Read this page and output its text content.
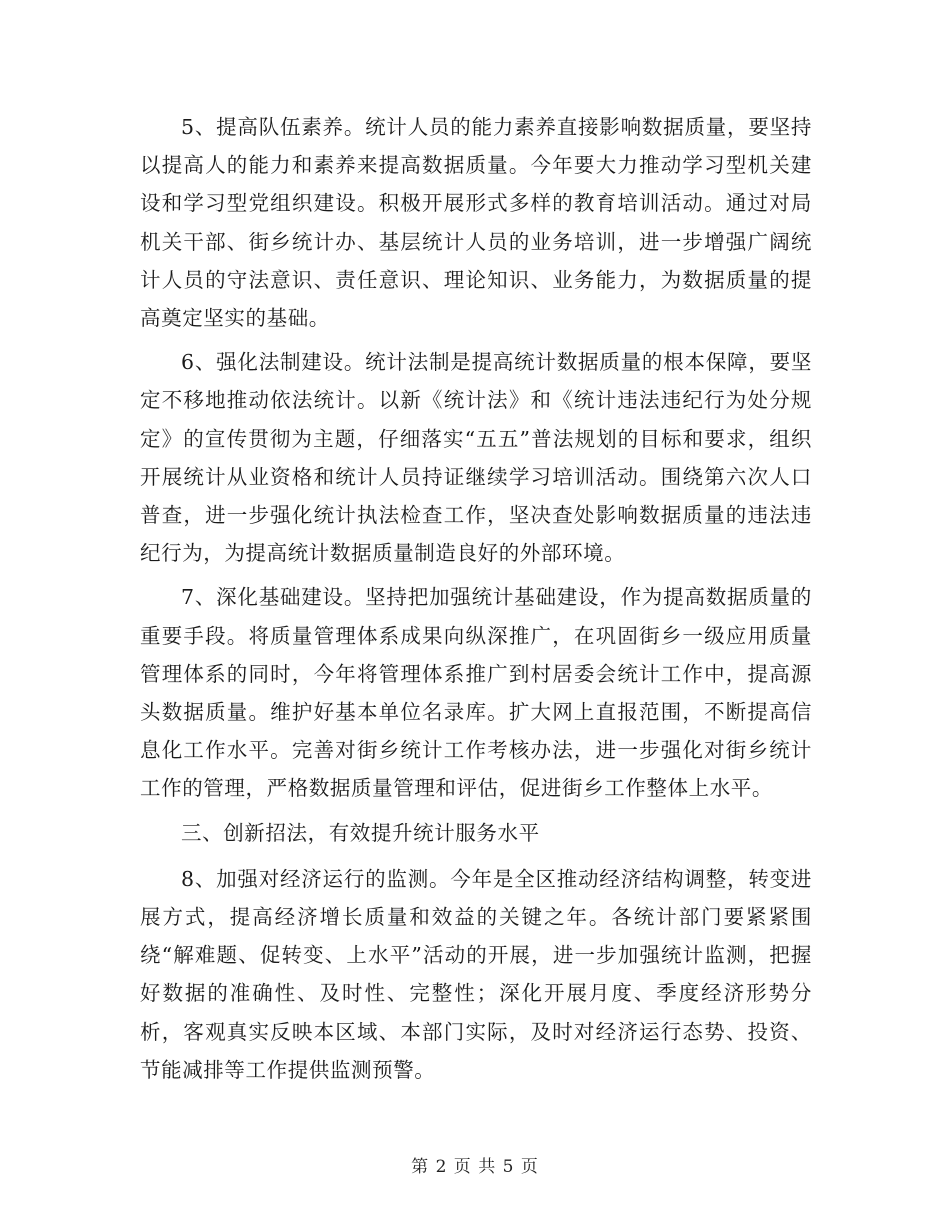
5、提高队伍素养。统计人员的能力素养直接影响数据质量，要坚持以提高人的能力和素养来提高数据质量。今年要大力推动学习型机关建设和学习型党组织建设。积极开展形式多样的教育培训活动。通过对局机关干部、街乡统计办、基层统计人员的业务培训，进一步增强广阔统计人员的守法意识、责任意识、理论知识、业务能力，为数据质量的提高奠定坚实的基础。

6、强化法制建设。统计法制是提高统计数据质量的根本保障，要坚定不移地推动依法统计。以新《统计法》和《统计违法违纪行为处分规定》的宣传贯彻为主题，仔细落实“五五”普法规划的目标和要求，组织开展统计从业资格和统计人员持证继续学习培训活动。围绕第六次人口普查，进一步强化统计执法检查工作，坚决查处影响数据质量的违法违纪行为，为提高统计数据质量制造良好的外部环境。

7、深化基础建设。坚持把加强统计基础建设，作为提高数据质量的重要手段。将质量管理体系成果向纵深推广，在巩固街乡一级应用质量管理体系的同时，今年将管理体系推广到村居委会统计工作中，提高源头数据质量。维护好基本单位名录库。扩大网上直报范围，不断提高信息化工作水平。完善对街乡统计工作考核办法，进一步强化对街乡统计工作的管理，严格数据质量管理和评估，促进街乡工作整体上水平。

三、创新招法，有效提升统计服务水平

8、加强对经济运行的监测。今年是全区推动经济结构调整，转变进展方式，提高经济增长质量和效益的关键之年。各统计部门要紧紧围绕“解难题、促转变、上水平”活动的开展，进一步加强统计监测，把握好数据的准确性、及时性、完整性；深化开展月度、季度经济形势分析，客观真实反映本区域、本部门实际，及时对经济运行态势、投资、节能减排等工作提供监测预警。

第 2 页 共 5 页
